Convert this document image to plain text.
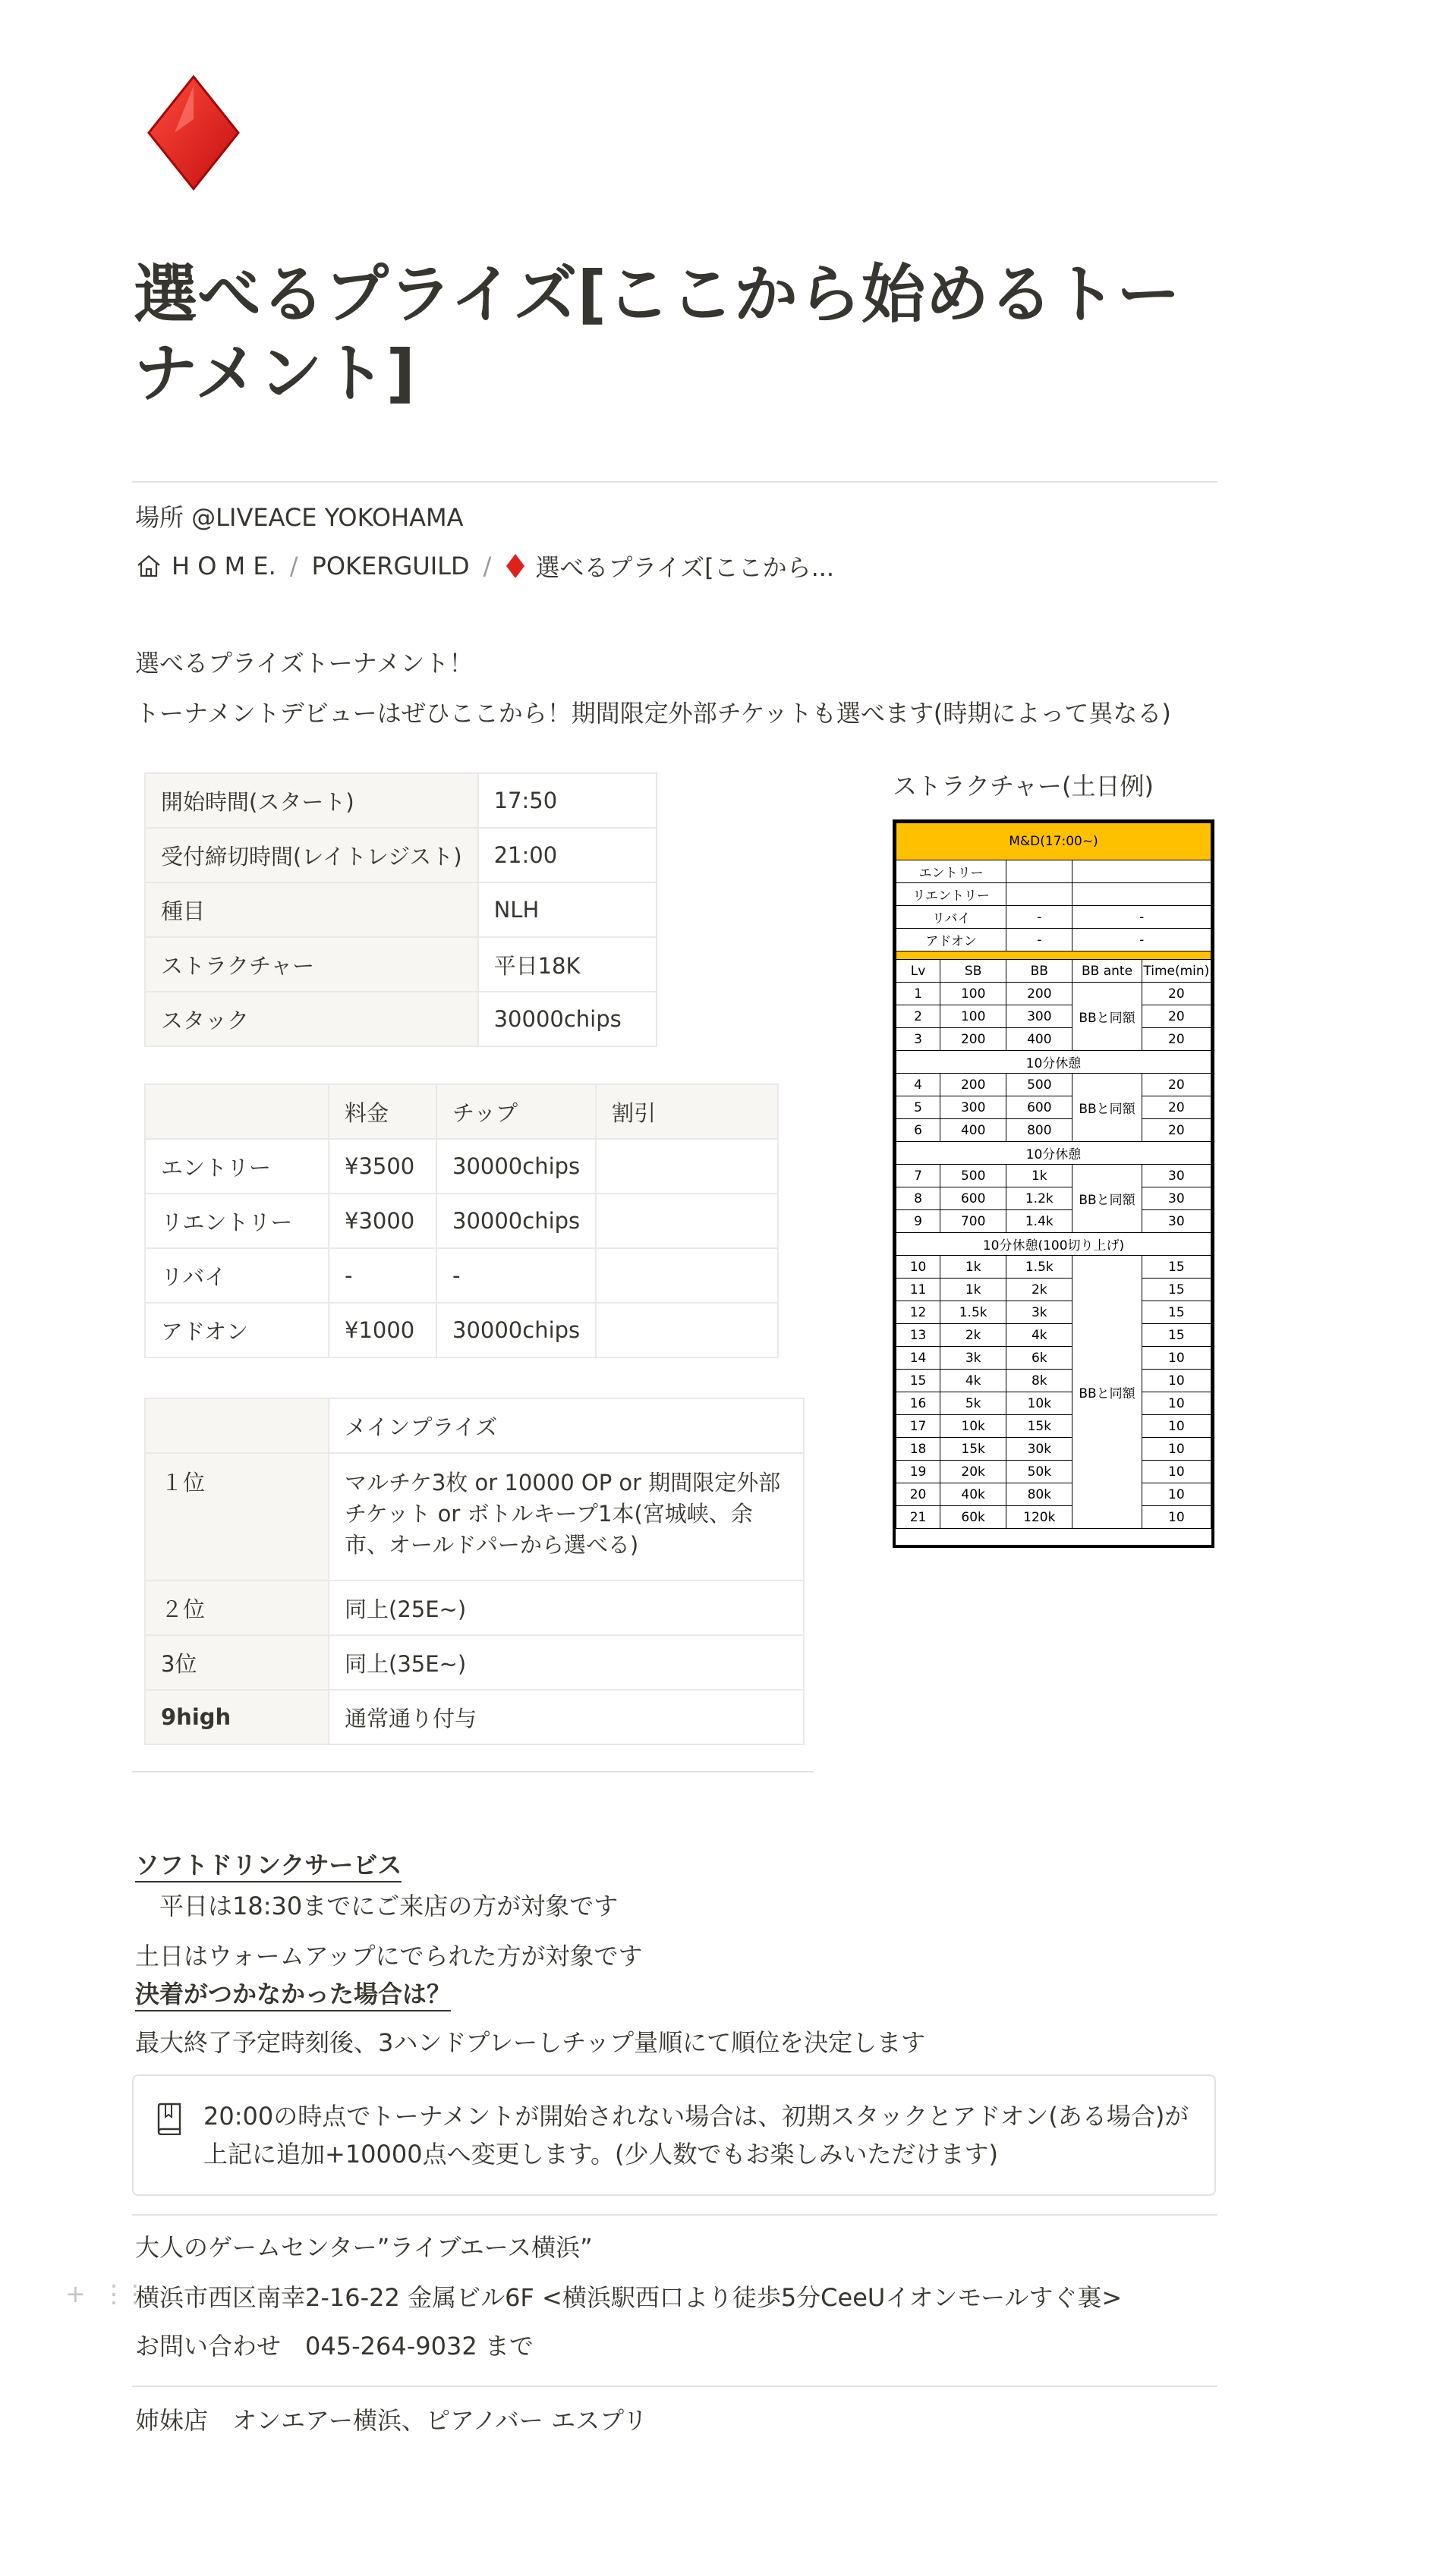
選べるプライズ[ここから始めるトーナメント]
場所 @LIVEACE YOKOHAMA
H O M E. / POKERGUILD / 選べるプライズ[ここから...
選べるプライズトーナメント！
トーナメントデビューはぜひここから！期間限定外部チケットも選べます(時期によって異なる)
開始時間(スタート)	17:50
受付締切時間(レイトレジスト)	21:00
種目	NLH
ストラクチャー	平日18K
スタック	30000chips
	料金	チップ	割引
エントリー	¥3500	30000chips	
リエントリー	¥3000	30000chips	
リバイ	-	-	
アドオン	¥1000	30000chips	
	メインプライズ
１位	マルチケ3枚 or 10000 OP or 期間限定外部チケット or ボトルキープ1本(宮城峡、余市、オールドパーから選べる)
２位	同上(25E~)
3位	同上(35E~)
9high	通常通り付与
ストラクチャー(土日例)
M&D(17:00~)				
エントリー				
リエントリー				
リバイ		-	-	
アドオン		-	-	

Lv	SB	BB	BB ante	Time(min)
1	100	200	BBと同額	20
2	100	300		20
3	200	400		20
10分休憩				
4	200	500	BBと同額	20
5	300	600		20
6	400	800		20
10分休憩				
7	500	1k	BBと同額	30
8	600	1.2k		30
9	700	1.4k		30
10分休憩(100切り上げ)				
10	1k	1.5k	BBと同額	15
11	1k	2k		15
12	1.5k	3k		15
13	2k	4k		15
14	3k	6k		10
15	4k	8k		10
16	5k	10k		10
17	10k	15k		10
18	15k	30k		10
19	20k	50k		10
20	40k	80k		10
21	60k	120k		10
ソフトドリンクサービス
平日は18:30までにご来店の方が対象です
土日はウォームアップにでられた方が対象です
決着がつかなかった場合は？
最大終了予定時刻後、3ハンドプレーしチップ量順にて順位を決定します
20:00の時点でトーナメントが開始されない場合は、初期スタックとアドオン(ある場合)が上記に追加+10000点へ変更します。(少人数でもお楽しみいただけます)
大人のゲームセンター”ライブエース横浜”
+ ⋮⋮
横浜市西区南幸2-16-22 金属ビル6F <横浜駅西口より徒歩5分CeeUイオンモールすぐ裏>
お問い合わせ　045-264-9032 まで
姉妹店　オンエアー横浜、ピアノバー エスプリ
